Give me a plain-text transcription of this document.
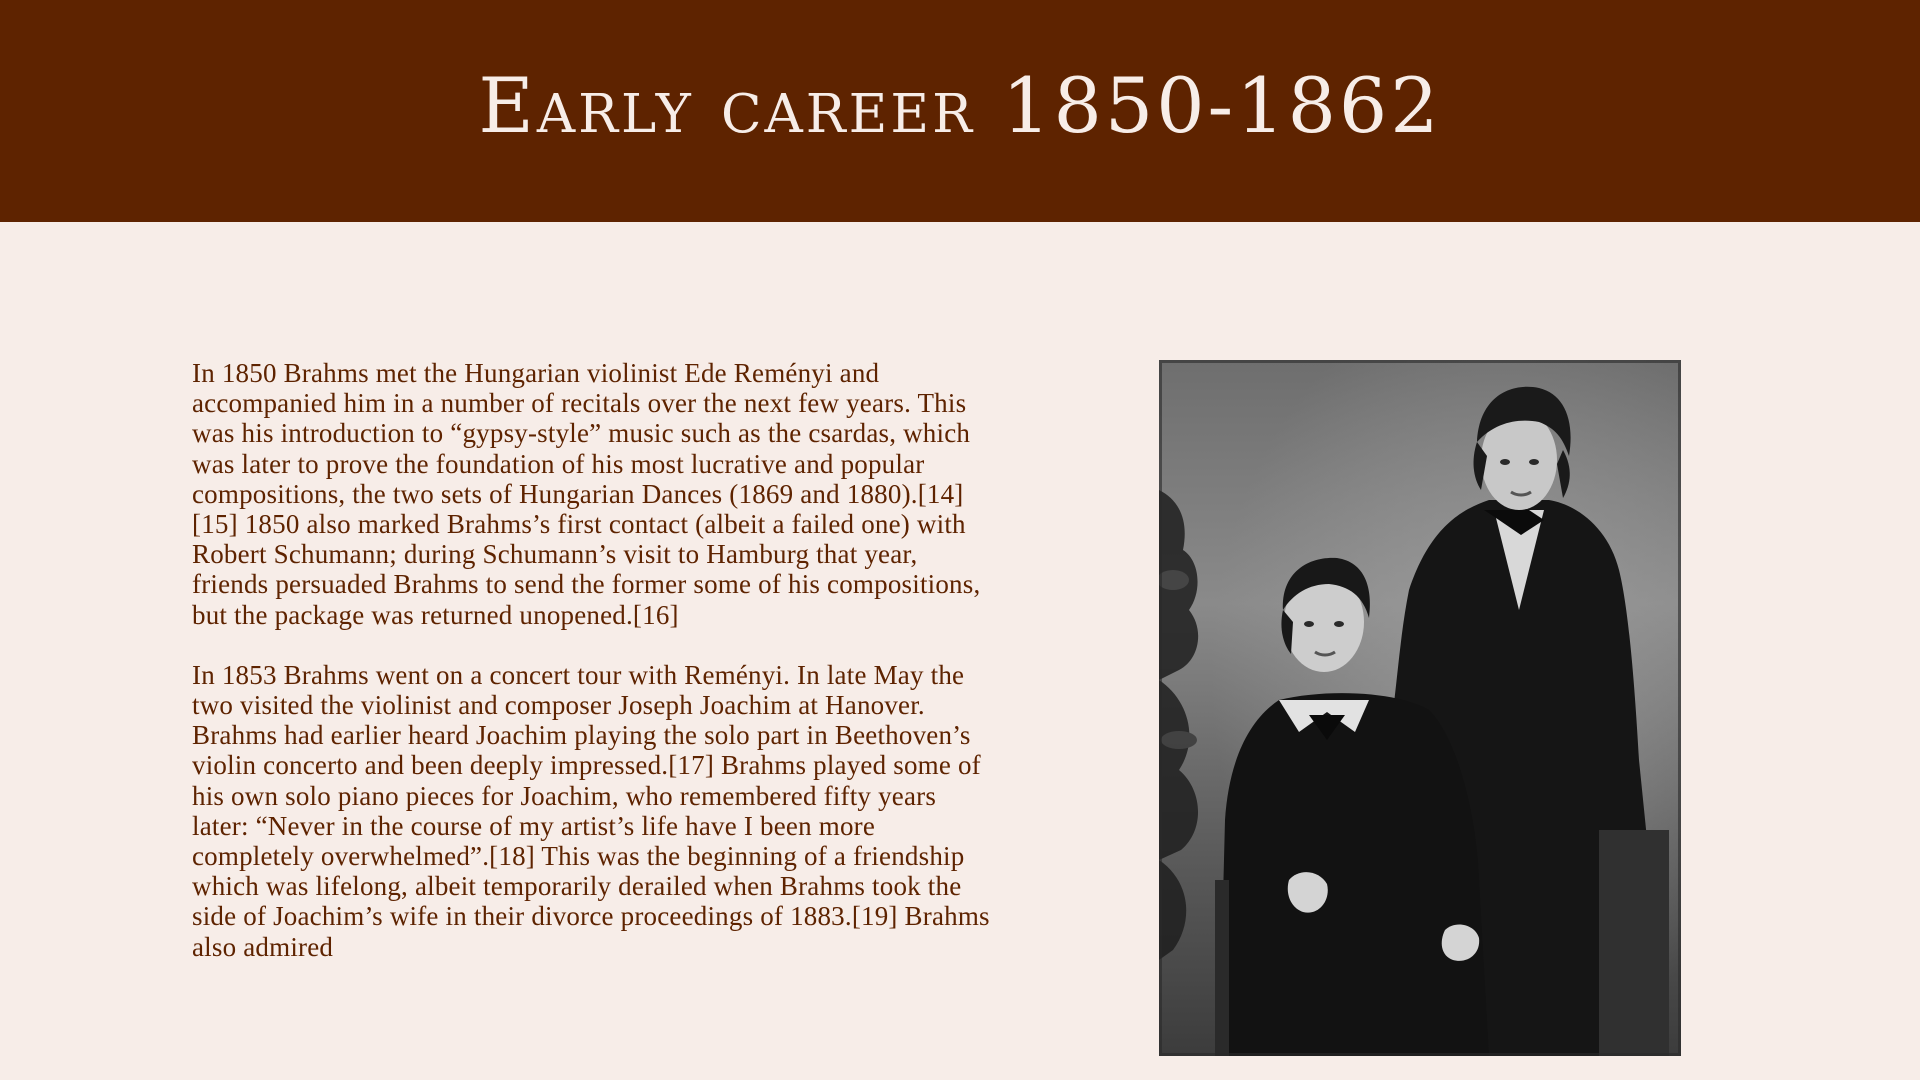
Early career 1850-1862

In 1850 Brahms met the Hungarian violinist Ede Reményi and accompanied him in a number of recitals over the next few years. This was his introduction to “gypsy-style” music such as the csardas, which was later to prove the foundation of his most lucrative and popular compositions, the two sets of Hungarian Dances (1869 and 1880).[14][15] 1850 also marked Brahms’s first contact (albeit a failed one) with Robert Schumann; during Schumann’s visit to Hamburg that year, friends persuaded Brahms to send the former some of his compositions, but the package was returned unopened.[16]

In 1853 Brahms went on a concert tour with Reményi. In late May the two visited the violinist and composer Joseph Joachim at Hanover. Brahms had earlier heard Joachim playing the solo part in Beethoven’s violin concerto and been deeply impressed.[17] Brahms played some of his own solo piano pieces for Joachim, who remembered fifty years later: “Never in the course of my artist’s life have I been more completely overwhelmed”.[18] This was the beginning of a friendship which was lifelong, albeit temporarily derailed when Brahms took the side of Joachim’s wife in their divorce proceedings of 1883.[19] Brahms also admired
